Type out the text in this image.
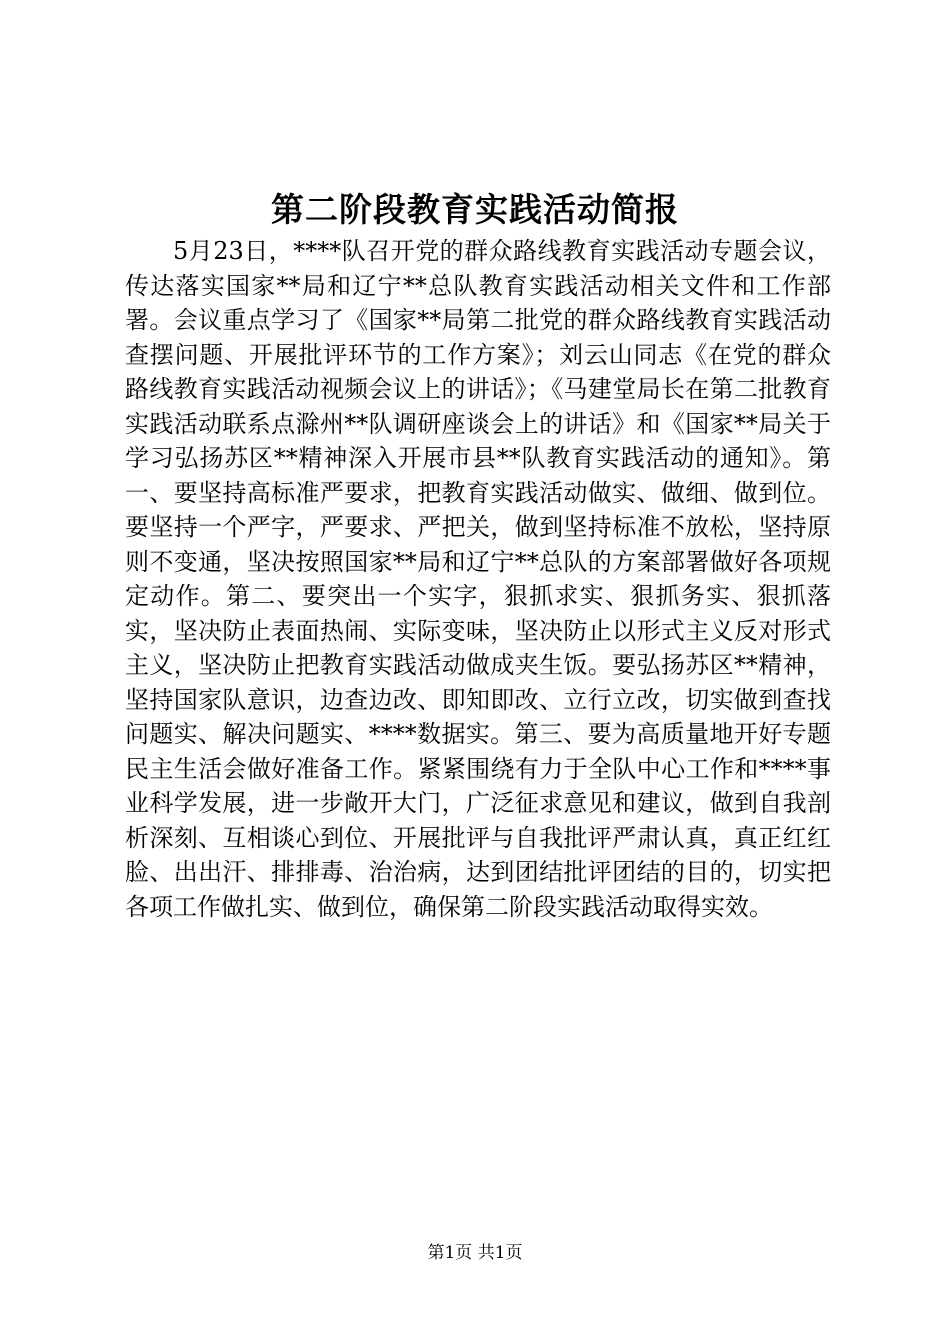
第二阶段教育实践活动简报

5月23日，****队召开党的群众路线教育实践活动专题会议，传达落实国家**局和辽宁**总队教育实践活动相关文件和工作部署。会议重点学习了《国家**局第二批党的群众路线教育实践活动查摆问题、开展批评环节的工作方案》；刘云山同志《在党的群众路线教育实践活动视频会议上的讲话》；《马建堂局长在第二批教育实践活动联系点滁州**队调研座谈会上的讲话》和《国家**局关于学习弘扬苏区**精神深入开展市县**队教育实践活动的通知》。第一、要坚持高标准严要求，把教育实践活动做实、做细、做到位。要坚持一个严字，严要求、严把关，做到坚持标准不放松，坚持原则不变通，坚决按照国家**局和辽宁**总队的方案部署做好各项规定动作。第二、要突出一个实字，狠抓求实、狠抓务实、狠抓落实，坚决防止表面热闹、实际变味，坚决防止以形式主义反对形式主义，坚决防止把教育实践活动做成夹生饭。要弘扬苏区**精神，坚持国家队意识，边查边改、即知即改、立行立改，切实做到查找问题实、解决问题实、****数据实。第三、要为高质量地开好专题民主生活会做好准备工作。紧紧围绕有力于全队中心工作和****事业科学发展，进一步敞开大门，广泛征求意见和建议，做到自我剖析深刻、互相谈心到位、开展批评与自我批评严肃认真，真正红红脸、出出汗、排排毒、治治病，达到团结批评团结的目的，切实把各项工作做扎实、做到位，确保第二阶段实践活动取得实效。

第1页 共1页
